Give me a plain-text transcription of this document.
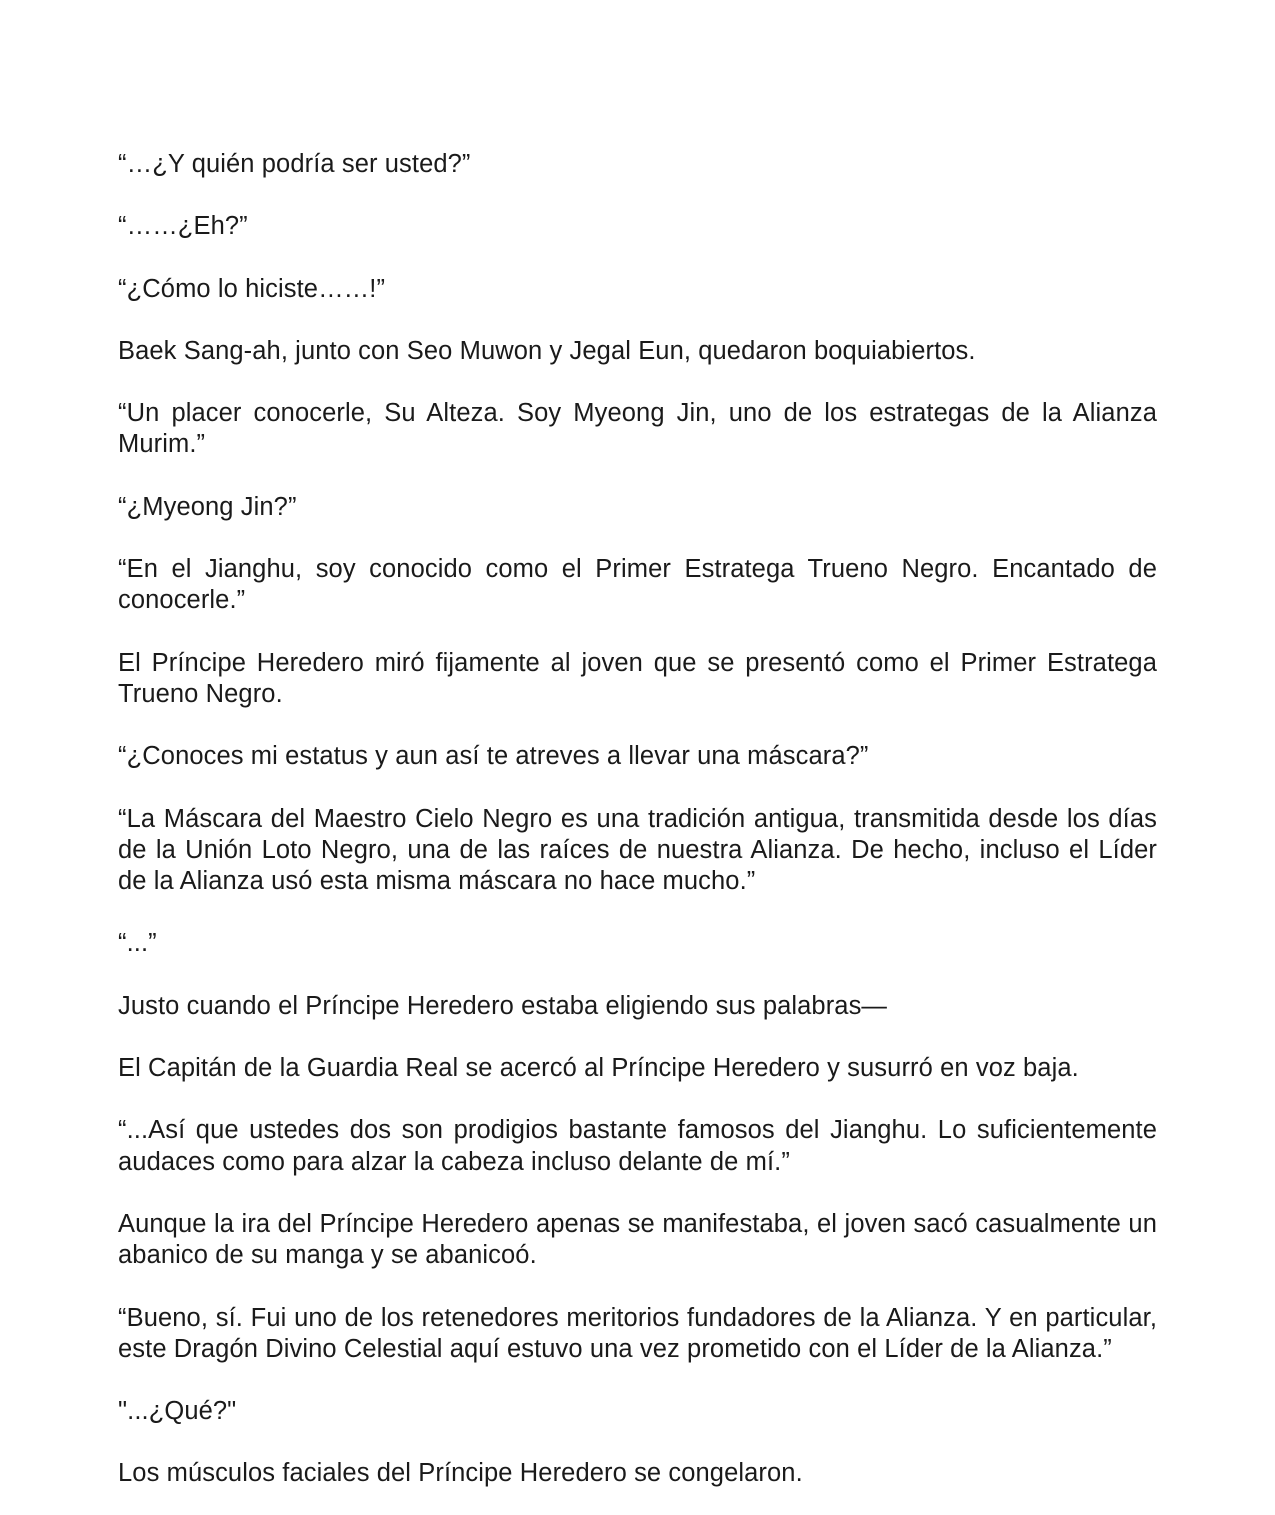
“…¿Y quién podría ser usted?”

“……¿Eh?”

“¿Cómo lo hiciste……!”

Baek Sang-ah, junto con Seo Muwon y Jegal Eun, quedaron boquiabiertos.

“Un placer conocerle, Su Alteza. Soy Myeong Jin, uno de los estrategas de la Alianza Murim.”

“¿Myeong Jin?”

“En el Jianghu, soy conocido como el Primer Estratega Trueno Negro. Encantado de conocerle.”

El Príncipe Heredero miró fijamente al joven que se presentó como el Primer Estratega Trueno Negro.

“¿Conoces mi estatus y aun así te atreves a llevar una máscara?”

“La Máscara del Maestro Cielo Negro es una tradición antigua, transmitida desde los días de la Unión Loto Negro, una de las raíces de nuestra Alianza. De hecho, incluso el Líder de la Alianza usó esta misma máscara no hace mucho.”

“...”

Justo cuando el Príncipe Heredero estaba eligiendo sus palabras—

El Capitán de la Guardia Real se acercó al Príncipe Heredero y susurró en voz baja.

“...Así que ustedes dos son prodigios bastante famosos del Jianghu. Lo suficientemente audaces como para alzar la cabeza incluso delante de mí.”

Aunque la ira del Príncipe Heredero apenas se manifestaba, el joven sacó casualmente un abanico de su manga y se abanicoó.

“Bueno, sí. Fui uno de los retenedores meritorios fundadores de la Alianza. Y en particular, este Dragón Divino Celestial aquí estuvo una vez prometido con el Líder de la Alianza.”

"...¿Qué?"

Los músculos faciales del Príncipe Heredero se congelaron.
